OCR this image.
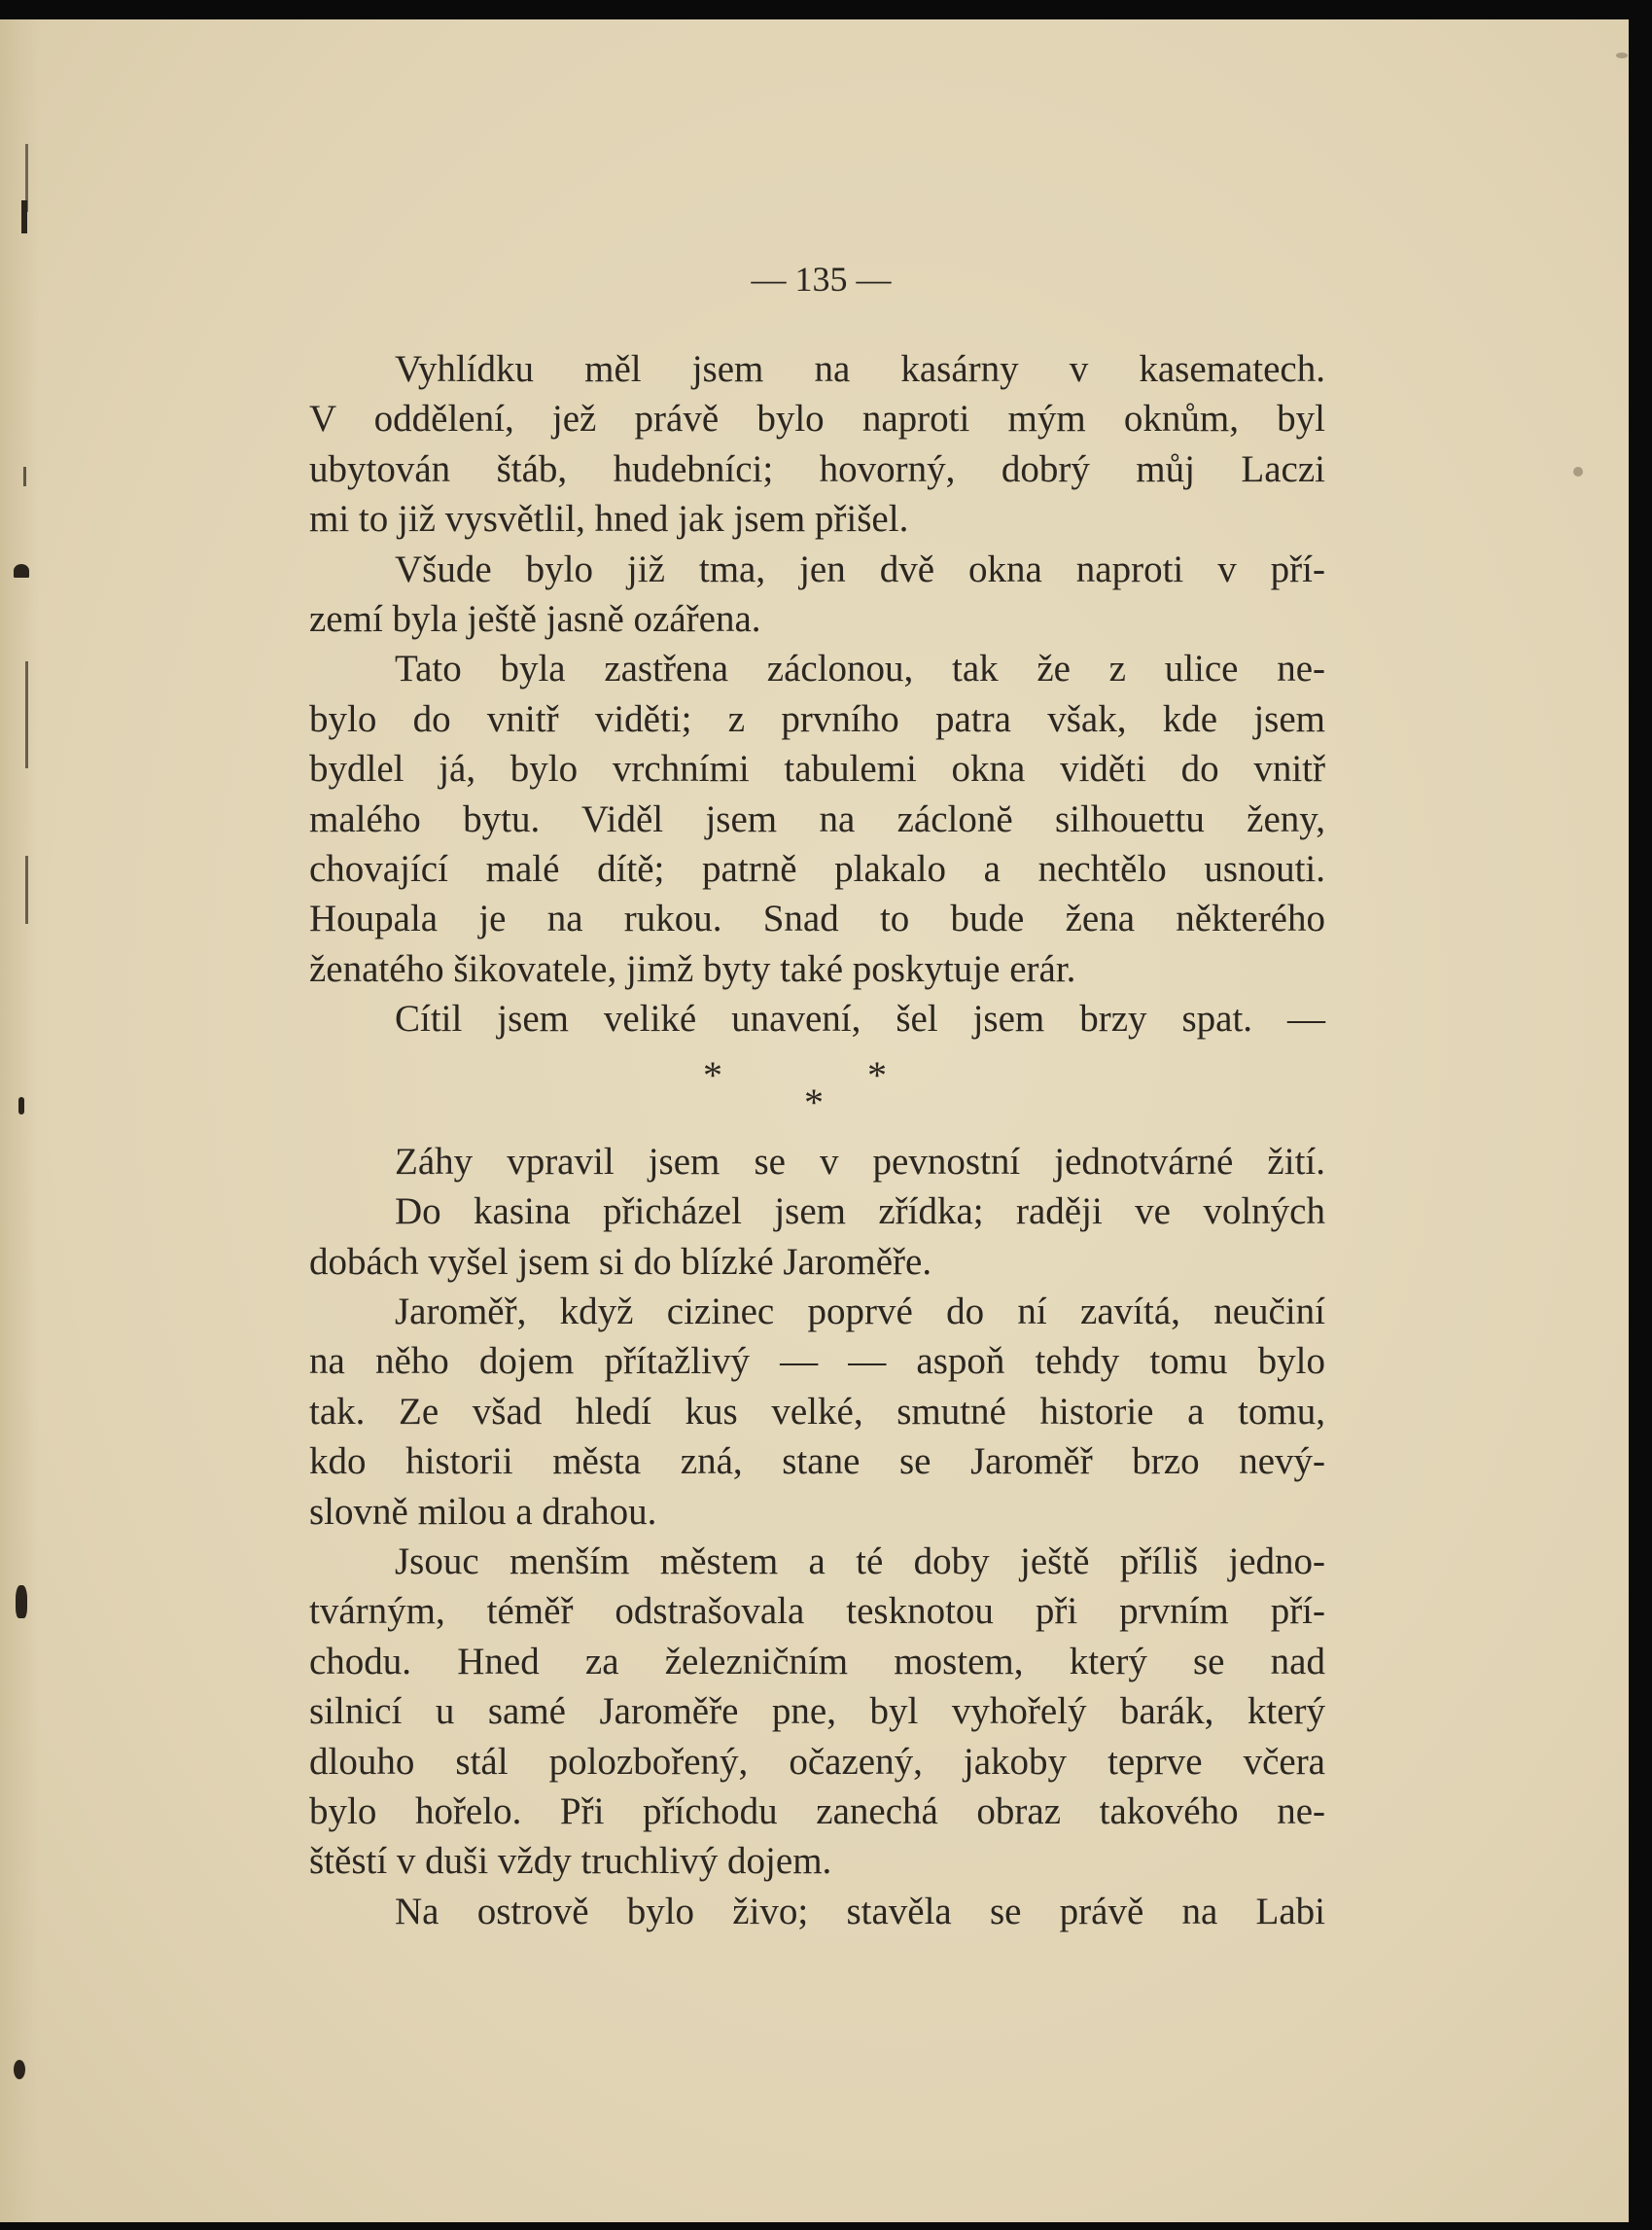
— 135 —

Vyhlídku měl jsem na kasárny v kasematech.
V oddělení, jež právě bylo naproti mým oknům, byl
ubytován štáb, hudebníci; hovorný, dobrý můj Laczi
mi to již vysvětlil, hned jak jsem přišel.

Všude bylo již tma, jen dvě okna naproti v pří-
zemí byla ještě jasně ozářena.

Tato byla zastřena záclonou, tak že z ulice ne-
bylo do vnitř viděti; z prvního patra však, kde jsem
bydlel já, bylo vrchními tabulemi okna viděti do vnitř
malého bytu. Viděl jsem na záclonĕ silhouettu ženy,
chovající malé dítě; patrně plakalo a nechtělo usnouti.
Houpala je na rukou. Snad to bude žena některého
ženatého šikovatele, jimž byty také poskytuje erár.

Cítil jsem veliké unavení, šel jsem brzy spat. —

*	*
*

Záhy vpravil jsem se v pevnostní jednotvárné žití.

Do kasina přicházel jsem zřídka; raději ve volných
dobách vyšel jsem si do blízké Jaroměře.

Jaroměř, když cizinec poprvé do ní zavítá, neučiní
na něho dojem přítažlivý — — aspoň tehdy tomu bylo
tak. Ze všad hledí kus velké, smutné historie a tomu,
kdo historii města zná, stane se Jaroměř brzo nevý-
slovně milou a drahou.

Jsouc menším městem a té doby ještě příliš jedno-
tvárným, téměř odstrašovala tesknotou při prvním pří-
chodu. Hned za železničním mostem, který se nad
silnicí u samé Jaroměře pne, byl vyhořelý barák, který
dlouho stál polozbořený, očazený, jakoby teprve včera
bylo hořelo. Při příchodu zanechá obraz takového ne-
štěstí v duši vždy truchlivý dojem.

Na ostrově bylo živo; stavěla se právě na Labi
